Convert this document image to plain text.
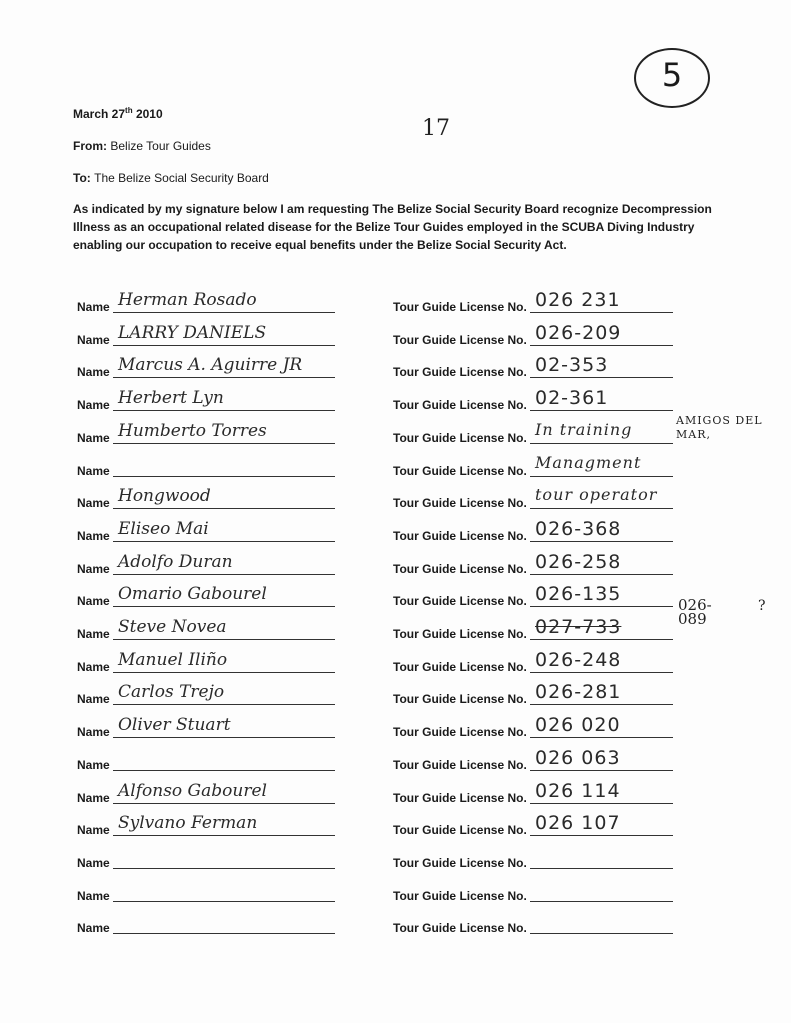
5
17
March 27th 2010
From: Belize Tour Guides
To: The Belize Social Security Board
As indicated by my signature below I am requesting The Belize Social Security Board recognize Decompression Illness as an occupational related disease for the Belize Tour Guides employed in the SCUBA Diving Industry enabling our occupation to receive equal benefits under the Belize Social Security Act.
AMIGOS DEL MAR,
026-089
?
Name Herman Rosado	Tour Guide License No. 026 231
Name LARRY DANIELS	Tour Guide License No. 026-209
Name Marcus A. Aguirre JR	Tour Guide License No. 02-353
Name Herbert Lyn	Tour Guide License No. 02-361
Name Humberto Torres	Tour Guide License No. In training
Name	Tour Guide License No. Managment
Name Hongwood	Tour Guide License No. tour operator
Name Eliseo Mai	Tour Guide License No. 026-368
Name Adolfo Duran	Tour Guide License No. 026-258
Name Omario Gabourel	Tour Guide License No. 026-135
Name Steve Novea	Tour Guide License No. 027-733
Name Manuel Iliño	Tour Guide License No. 026-248
Name Carlos Trejo	Tour Guide License No. 026-281
Name Oliver Stuart	Tour Guide License No. 026 020
Name	Tour Guide License No. 026 063
Name Alfonso Gabourel	Tour Guide License No. 026 114
Name Sylvano Ferman	Tour Guide License No. 026 107
Name	Tour Guide License No.
Name	Tour Guide License No.
Name	Tour Guide License No.
